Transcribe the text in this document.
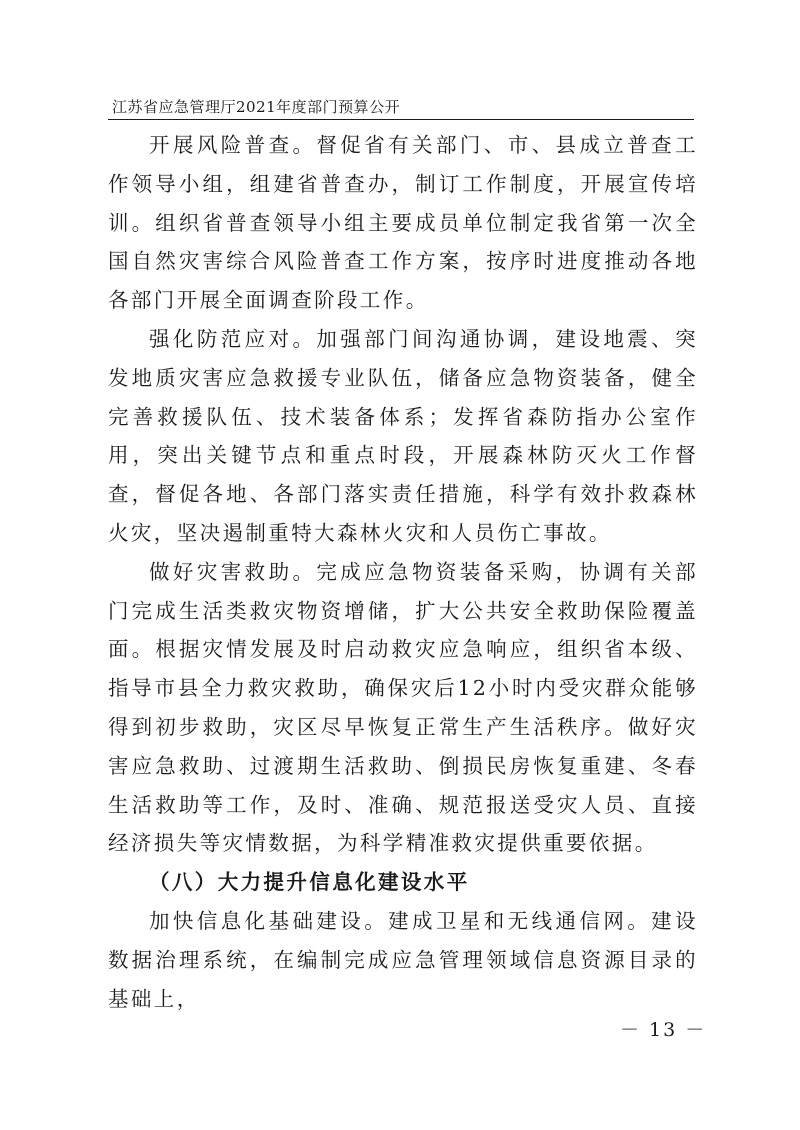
江苏省应急管理厅2021年度部门预算公开

开展风险普查。督促省有关部门、市、县成立普查工作领导小组，组建省普查办，制订工作制度，开展宣传培训。组织省普查领导小组主要成员单位制定我省第一次全国自然灾害综合风险普查工作方案，按序时进度推动各地各部门开展全面调查阶段工作。

强化防范应对。加强部门间沟通协调，建设地震、突发地质灾害应急救援专业队伍，储备应急物资装备，健全完善救援队伍、技术装备体系；发挥省森防指办公室作用，突出关键节点和重点时段，开展森林防灭火工作督查，督促各地、各部门落实责任措施，科学有效扑救森林火灾，坚决遏制重特大森林火灾和人员伤亡事故。

做好灾害救助。完成应急物资装备采购，协调有关部门完成生活类救灾物资增储，扩大公共安全救助保险覆盖面。根据灾情发展及时启动救灾应急响应，组织省本级、指导市县全力救灾救助，确保灾后12小时内受灾群众能够得到初步救助，灾区尽早恢复正常生产生活秩序。做好灾害应急救助、过渡期生活救助、倒损民房恢复重建、冬春生活救助等工作，及时、准确、规范报送受灾人员、直接经济损失等灾情数据，为科学精准救灾提供重要依据。

（八）大力提升信息化建设水平

加快信息化基础建设。建成卫星和无线通信网。建设数据治理系统，在编制完成应急管理领域信息资源目录的基础上，

－ 13 －
